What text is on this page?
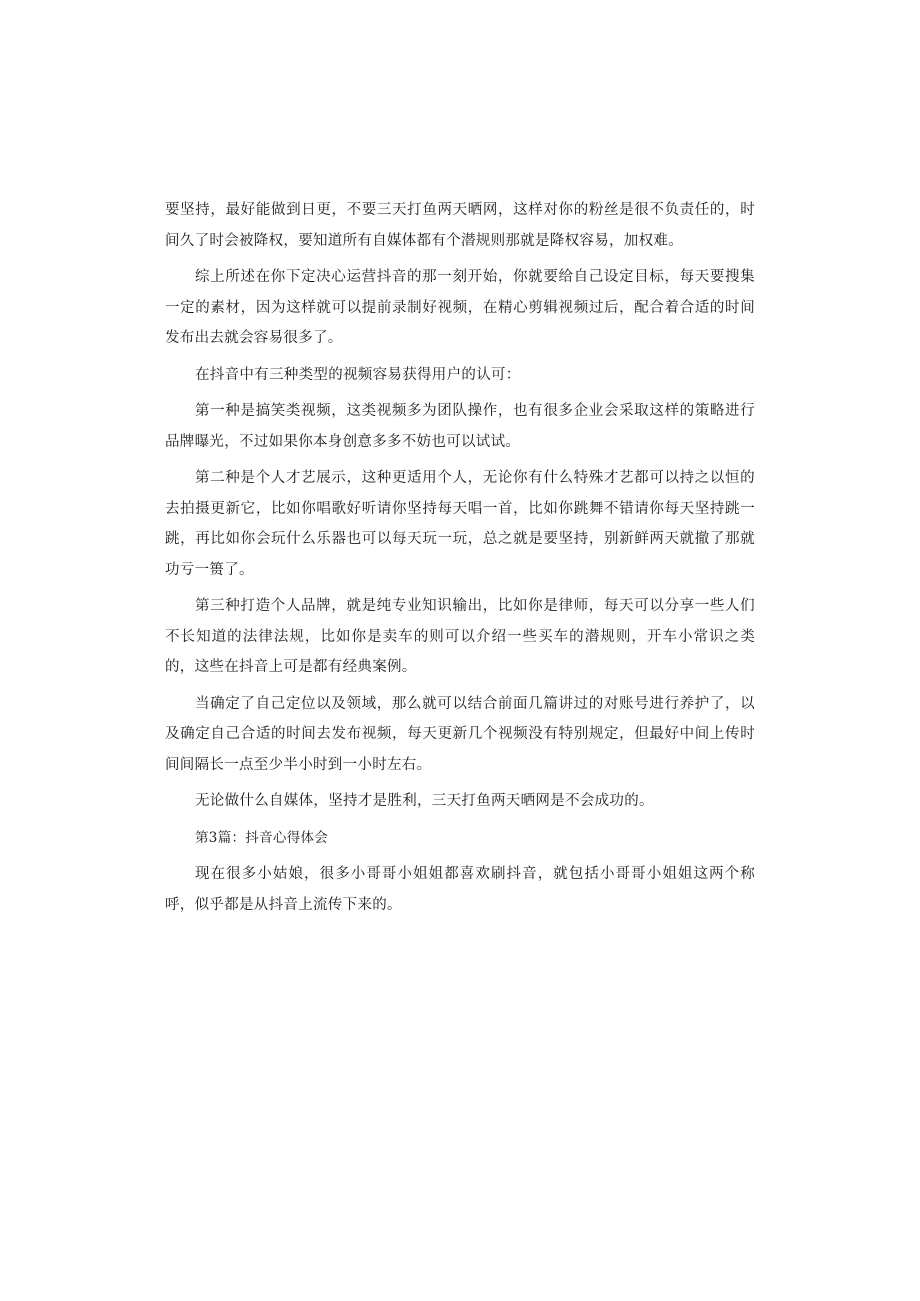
要坚持，最好能做到日更，不要三天打鱼两天晒网，这样对你的粉丝是很不负责任的，时间久了时会被降权，要知道所有自媒体都有个潜规则那就是降权容易，加权难。

综上所述在你下定决心运营抖音的那一刻开始，你就要给自己设定目标，每天要搜集一定的素材，因为这样就可以提前录制好视频，在精心剪辑视频过后，配合着合适的时间发布出去就会容易很多了。

在抖音中有三种类型的视频容易获得用户的认可：

第一种是搞笑类视频，这类视频多为团队操作，也有很多企业会采取这样的策略进行品牌曝光，不过如果你本身创意多多不妨也可以试试。

第二种是个人才艺展示，这种更适用个人，无论你有什么特殊才艺都可以持之以恒的去拍摄更新它，比如你唱歌好听请你坚持每天唱一首，比如你跳舞不错请你每天坚持跳一跳，再比如你会玩什么乐器也可以每天玩一玩，总之就是要坚持，别新鲜两天就撤了那就功亏一篑了。

第三种打造个人品牌，就是纯专业知识输出，比如你是律师，每天可以分享一些人们不长知道的法律法规，比如你是卖车的则可以介绍一些买车的潜规则，开车小常识之类的，这些在抖音上可是都有经典案例。

当确定了自己定位以及领域，那么就可以结合前面几篇讲过的对账号进行养护了，以及确定自己合适的时间去发布视频，每天更新几个视频没有特别规定，但最好中间上传时间间隔长一点至少半小时到一小时左右。

无论做什么自媒体，坚持才是胜利，三天打鱼两天晒网是不会成功的。

第3篇：抖音心得体会

现在很多小姑娘，很多小哥哥小姐姐都喜欢刷抖音，就包括小哥哥小姐姐这两个称呼，似乎都是从抖音上流传下来的。
